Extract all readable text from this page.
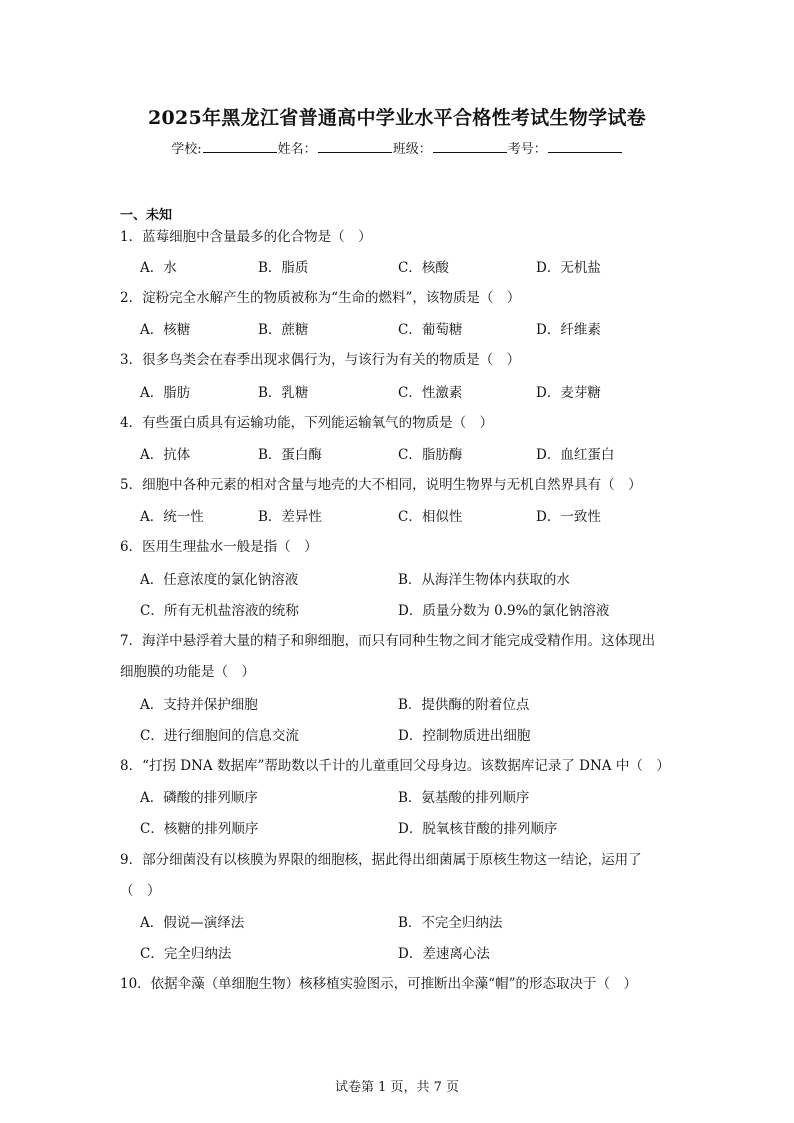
2025年黑龙江省普通高中学业水平合格性考试生物学试卷
学校:	姓名：	班级：	考号：
一、未知
1．蓝莓细胞中含量最多的化合物是（　）
A．水	B．脂质	C．核酸	D．无机盐
2．淀粉完全水解产生的物质被称为“生命的燃料”，该物质是（　）
A．核糖	B．蔗糖	C．葡萄糖	D．纤维素
3．很多鸟类会在春季出现求偶行为，与该行为有关的物质是（　）
A．脂肪	B．乳糖	C．性激素	D．麦芽糖
4．有些蛋白质具有运输功能，下列能运输氧气的物质是（　）
A．抗体	B．蛋白酶	C．脂肪酶	D．血红蛋白
5．细胞中各种元素的相对含量与地壳的大不相同，说明生物界与无机自然界具有（　）
A．统一性	B．差异性	C．相似性	D．一致性
6．医用生理盐水一般是指（　）
A．任意浓度的氯化钠溶液	B．从海洋生物体内获取的水
C．所有无机盐溶液的统称	D．质量分数为 0.9%的氯化钠溶液
7．海洋中悬浮着大量的精子和卵细胞，而只有同种生物之间才能完成受精作用。这体现出
细胞膜的功能是（　）
A．支持并保护细胞	B．提供酶的附着位点
C．进行细胞间的信息交流	D．控制物质进出细胞
8．“打拐 DNA 数据库”帮助数以千计的儿童重回父母身边。该数据库记录了 DNA 中（　）
A．磷酸的排列顺序	B．氨基酸的排列顺序
C．核糖的排列顺序	D．脱氧核苷酸的排列顺序
9．部分细菌没有以核膜为界限的细胞核，据此得出细菌属于原核生物这一结论，运用了
（　）
A．假说—演绎法	B．不完全归纳法
C．完全归纳法	D．差速离心法
10．依据伞藻（单细胞生物）核移植实验图示，可推断出伞藻“帽”的形态取决于（　）
试卷第 1 页，共 7 页
